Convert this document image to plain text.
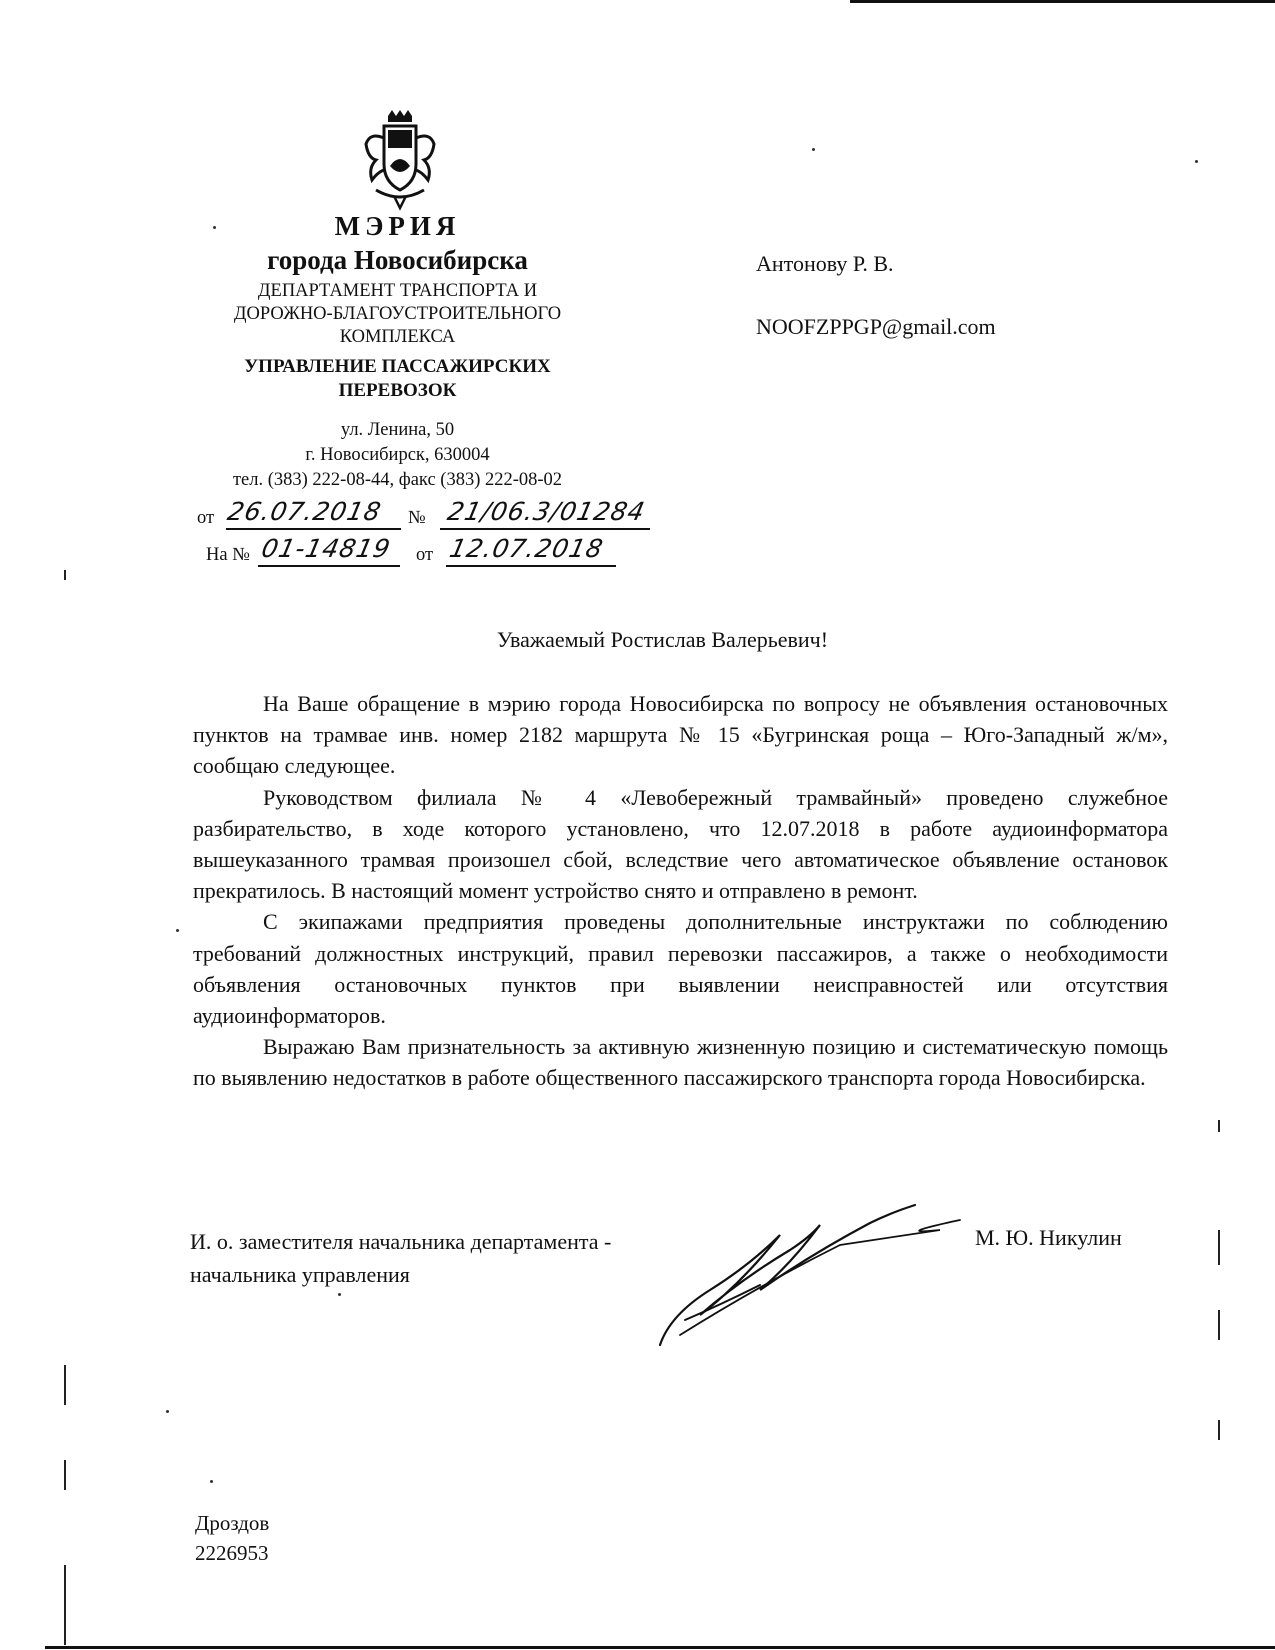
МЭРИЯ
города Новосибирска
ДЕПАРТАМЕНТ ТРАНСПОРТА И
ДОРОЖНО-БЛАГОУСТРОИТЕЛЬНОГО
КОМПЛЕКСА
УПРАВЛЕНИЕ ПАССАЖИРСКИХ
ПЕРЕВОЗОК
ул. Ленина, 50
г. Новосибирск, 630004
тел. (383) 222-08-44, факс (383) 222-08-02
от 26.07.2018 № 21/06.3/01284
На № 01-14819 от 12.07.2018
Антонову Р. В.
NOOFZPPGP@gmail.com
Уважаемый Ростислав Валерьевич!

На Ваше обращение в мэрию города Новосибирска по вопросу не объявления остановочных пунктов на трамвае инв. номер 2182 маршрута № 15 «Бугринская роща – Юго-Западный ж/м», сообщаю следующее.

Руководством филиала № 4 «Левобережный трамвайный» проведено служебное разбирательство, в ходе которого установлено, что 12.07.2018 в работе аудиоинформатора вышеуказанного трамвая произошел сбой, вследствие чего автоматическое объявление остановок прекратилось. В настоящий момент устройство снято и отправлено в ремонт.

С экипажами предприятия проведены дополнительные инструктажи по соблюдению требований должностных инструкций, правил перевозки пассажиров, а также о необходимости объявления остановочных пунктов при выявлении неисправностей или отсутствия аудиоинформаторов.

Выражаю Вам признательность за активную жизненную позицию и систематическую помощь по выявлению недостатков в работе общественного пассажирского транспорта города Новосибирска.

И. о. заместителя начальника департамента -
начальника управления
М. Ю. Никулин
Дроздов
2226953
